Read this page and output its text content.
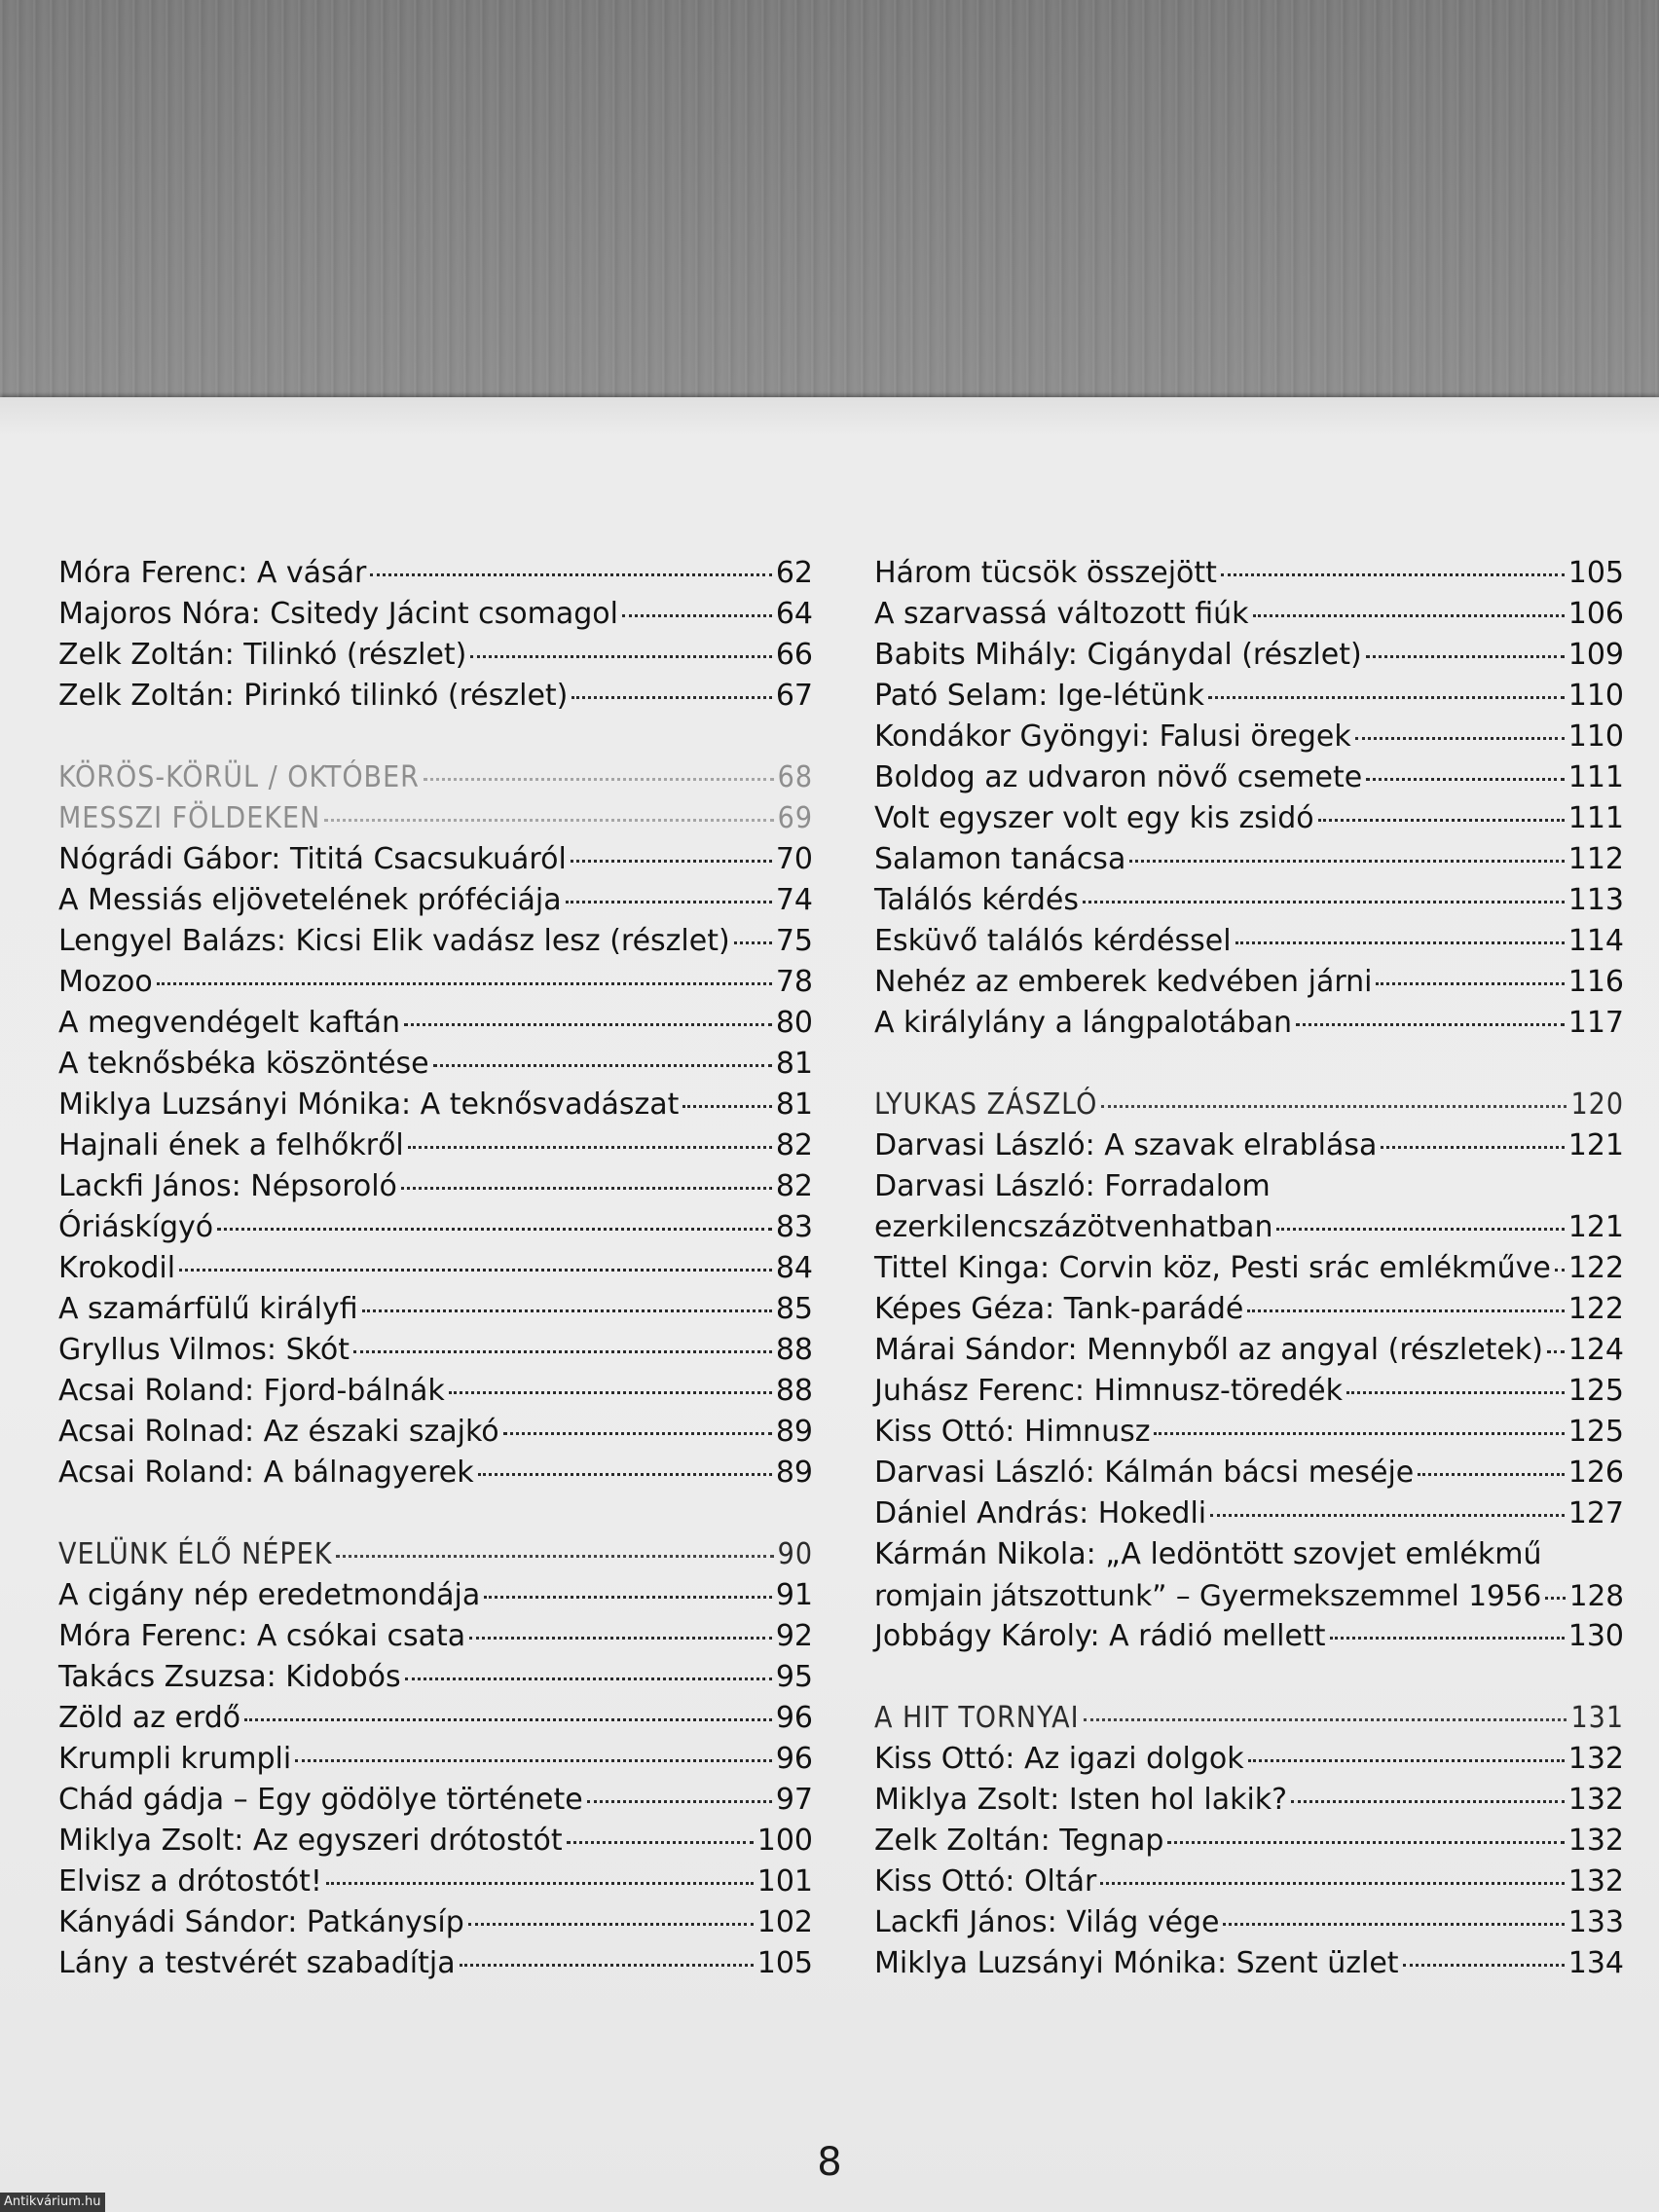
Móra Ferenc: A vásár	62
Majoros Nóra: Csitedy Jácint csomagol	64
Zelk Zoltán: Tilinkó (részlet)	66
Zelk Zoltán: Pirinkó tilinkó (részlet)	67
KÖRÖS-KÖRÜL / OKTÓBER	68
MESSZI FÖLDEKEN	69
Nógrádi Gábor: Tititá Csacsukuáról	70
A Messiás eljövetelének próféciája	74
Lengyel Balázs: Kicsi Elik vadász lesz (részlet) 75
Mozoo	78
A megvendégelt kaftán	80
A teknősbéka köszöntése	81
Miklya Luzsányi Mónika: A teknősvadászat	81
Hajnali ének a felhőkről	82
Lackfi János: Népsoroló	82
Óriáskígyó	83
Krokodil	84
A szamárfülű királyfi	85
Gryllus Vilmos: Skót	88
Acsai Roland: Fjord-bálnák	88
Acsai Rolnad: Az északi szajkó	89
Acsai Roland: A bálnagyerek	89
VELÜNK ÉLŐ NÉPEK	90
A cigány nép eredetmondája	91
Móra Ferenc: A csókai csata	92
Takács Zsuzsa: Kidobós	95
Zöld az erdő	96
Krumpli krumpli	96
Chád gádja – Egy gödölye története	97
Miklya Zsolt: Az egyszeri drótostót	100
Elvisz a drótostót!	101
Kányádi Sándor: Patkánysíp	102
Lány a testvérét szabadítja	105
Három tücsök összejött	105
A szarvassá változott fiúk	106
Babits Mihály: Cigánydal (részlet)	109
Pató Selam: Ige-létünk	110
Kondákor Gyöngyi: Falusi öregek	110
Boldog az udvaron növő csemete	111
Volt egyszer volt egy kis zsidó	111
Salamon tanácsa	112
Találós kérdés	113
Esküvő találós kérdéssel	114
Nehéz az emberek kedvében járni	116
A királylány a lángpalotában	117
LYUKAS ZÁSZLÓ	120
Darvasi László: A szavak elrablása	121
Darvasi László: Forradalom
ezerkilencszázötvenhatban	121
Tittel Kinga: Corvin köz, Pesti srác emlékműve 122
Képes Géza: Tank-parádé	122
Márai Sándor: Mennyből az angyal (részletek) 124
Juhász Ferenc: Himnusz-töredék	125
Kiss Ottó: Himnusz	125
Darvasi László: Kálmán bácsi meséje	126
Dániel András: Hokedli	127
Kármán Nikola: „A ledöntött szovjet emlékmű
romjain játszottunk” – Gyermekszemmel 1956 128
Jobbágy Károly: A rádió mellett	130
A HIT TORNYAI	131
Kiss Ottó: Az igazi dolgok	132
Miklya Zsolt: Isten hol lakik?	132
Zelk Zoltán: Tegnap	132
Kiss Ottó: Oltár	132
Lackfi János: Világ vége	133
Miklya Luzsányi Mónika: Szent üzlet	134
8
Antikvárium.hu
